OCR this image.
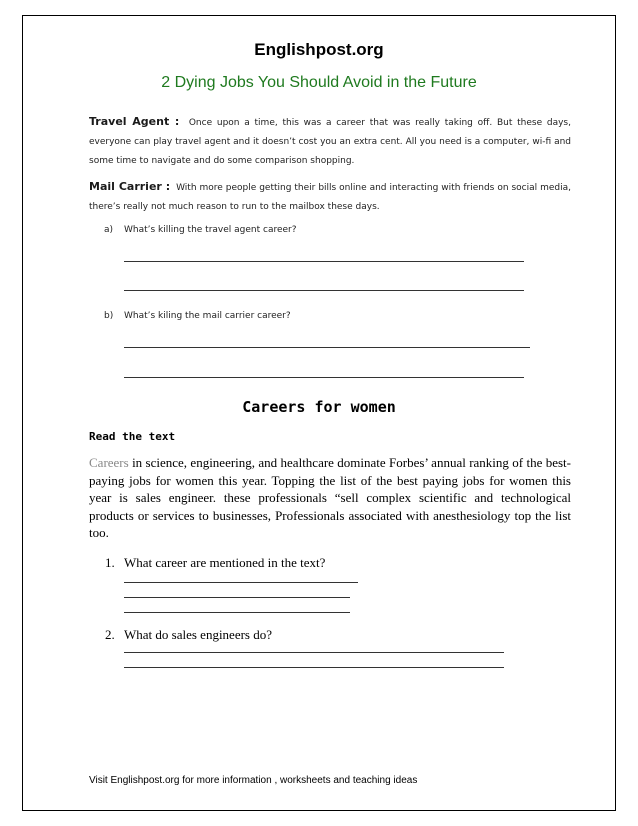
Englishpost.org
2 Dying Jobs You Should Avoid in the Future
Travel Agent : Once upon a time, this was a career that was really taking off. But these days, everyone can play travel agent and it doesn’t cost you an extra cent. All you need is a computer, wi-fi and some time to navigate and do some comparison shopping.
Mail Carrier : With more people getting their bills online and interacting with friends on social media, there’s really not much reason to run to the mailbox these days.
a) What’s killing the travel agent career?
b) What’s kiling the mail carrier career?
Careers for women
Read the text
Careers in science, engineering, and healthcare dominate Forbes’ annual ranking of the best-paying jobs for women this year. Topping the list of the best paying jobs for women this year is sales engineer. these professionals “sell complex scientific and technological products or services to businesses, Professionals associated with anesthesiology top the list too.
1. What career are mentioned in the text?
2. What do sales engineers do?
Visit Englishpost.org for more information , worksheets and teaching ideas
